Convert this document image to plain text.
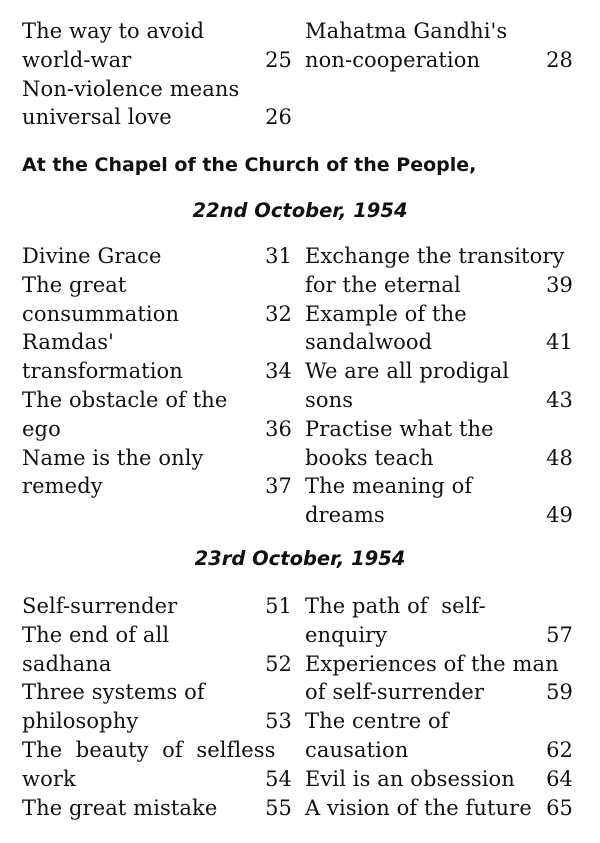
The way to avoid
world-war	25
Non-violence means
universal love	26
Mahatma Gandhi's
non-cooperation	28
At the Chapel of the Church of the People,
22nd October, 1954
Divine Grace	31
The great
consummation	32
Ramdas'
transformation	34
The obstacle of the
ego	36
Name is the only
remedy	37
Exchange the transitory
for the eternal	39
Example of the
sandalwood	41
We are all prodigal
sons	43
Practise what the
books teach	48
The meaning of
dreams	49
23rd October, 1954
Self-surrender	51
The end of all
sadhana	52
Three systems of
philosophy	53
The  beauty  of  selfless
work	54
The great mistake 55
The path of  self-
enquiry	57
Experiences of the man
of self-surrender	59
The centre of
causation	62
Evil is an obsession 64
A vision of the future 65
